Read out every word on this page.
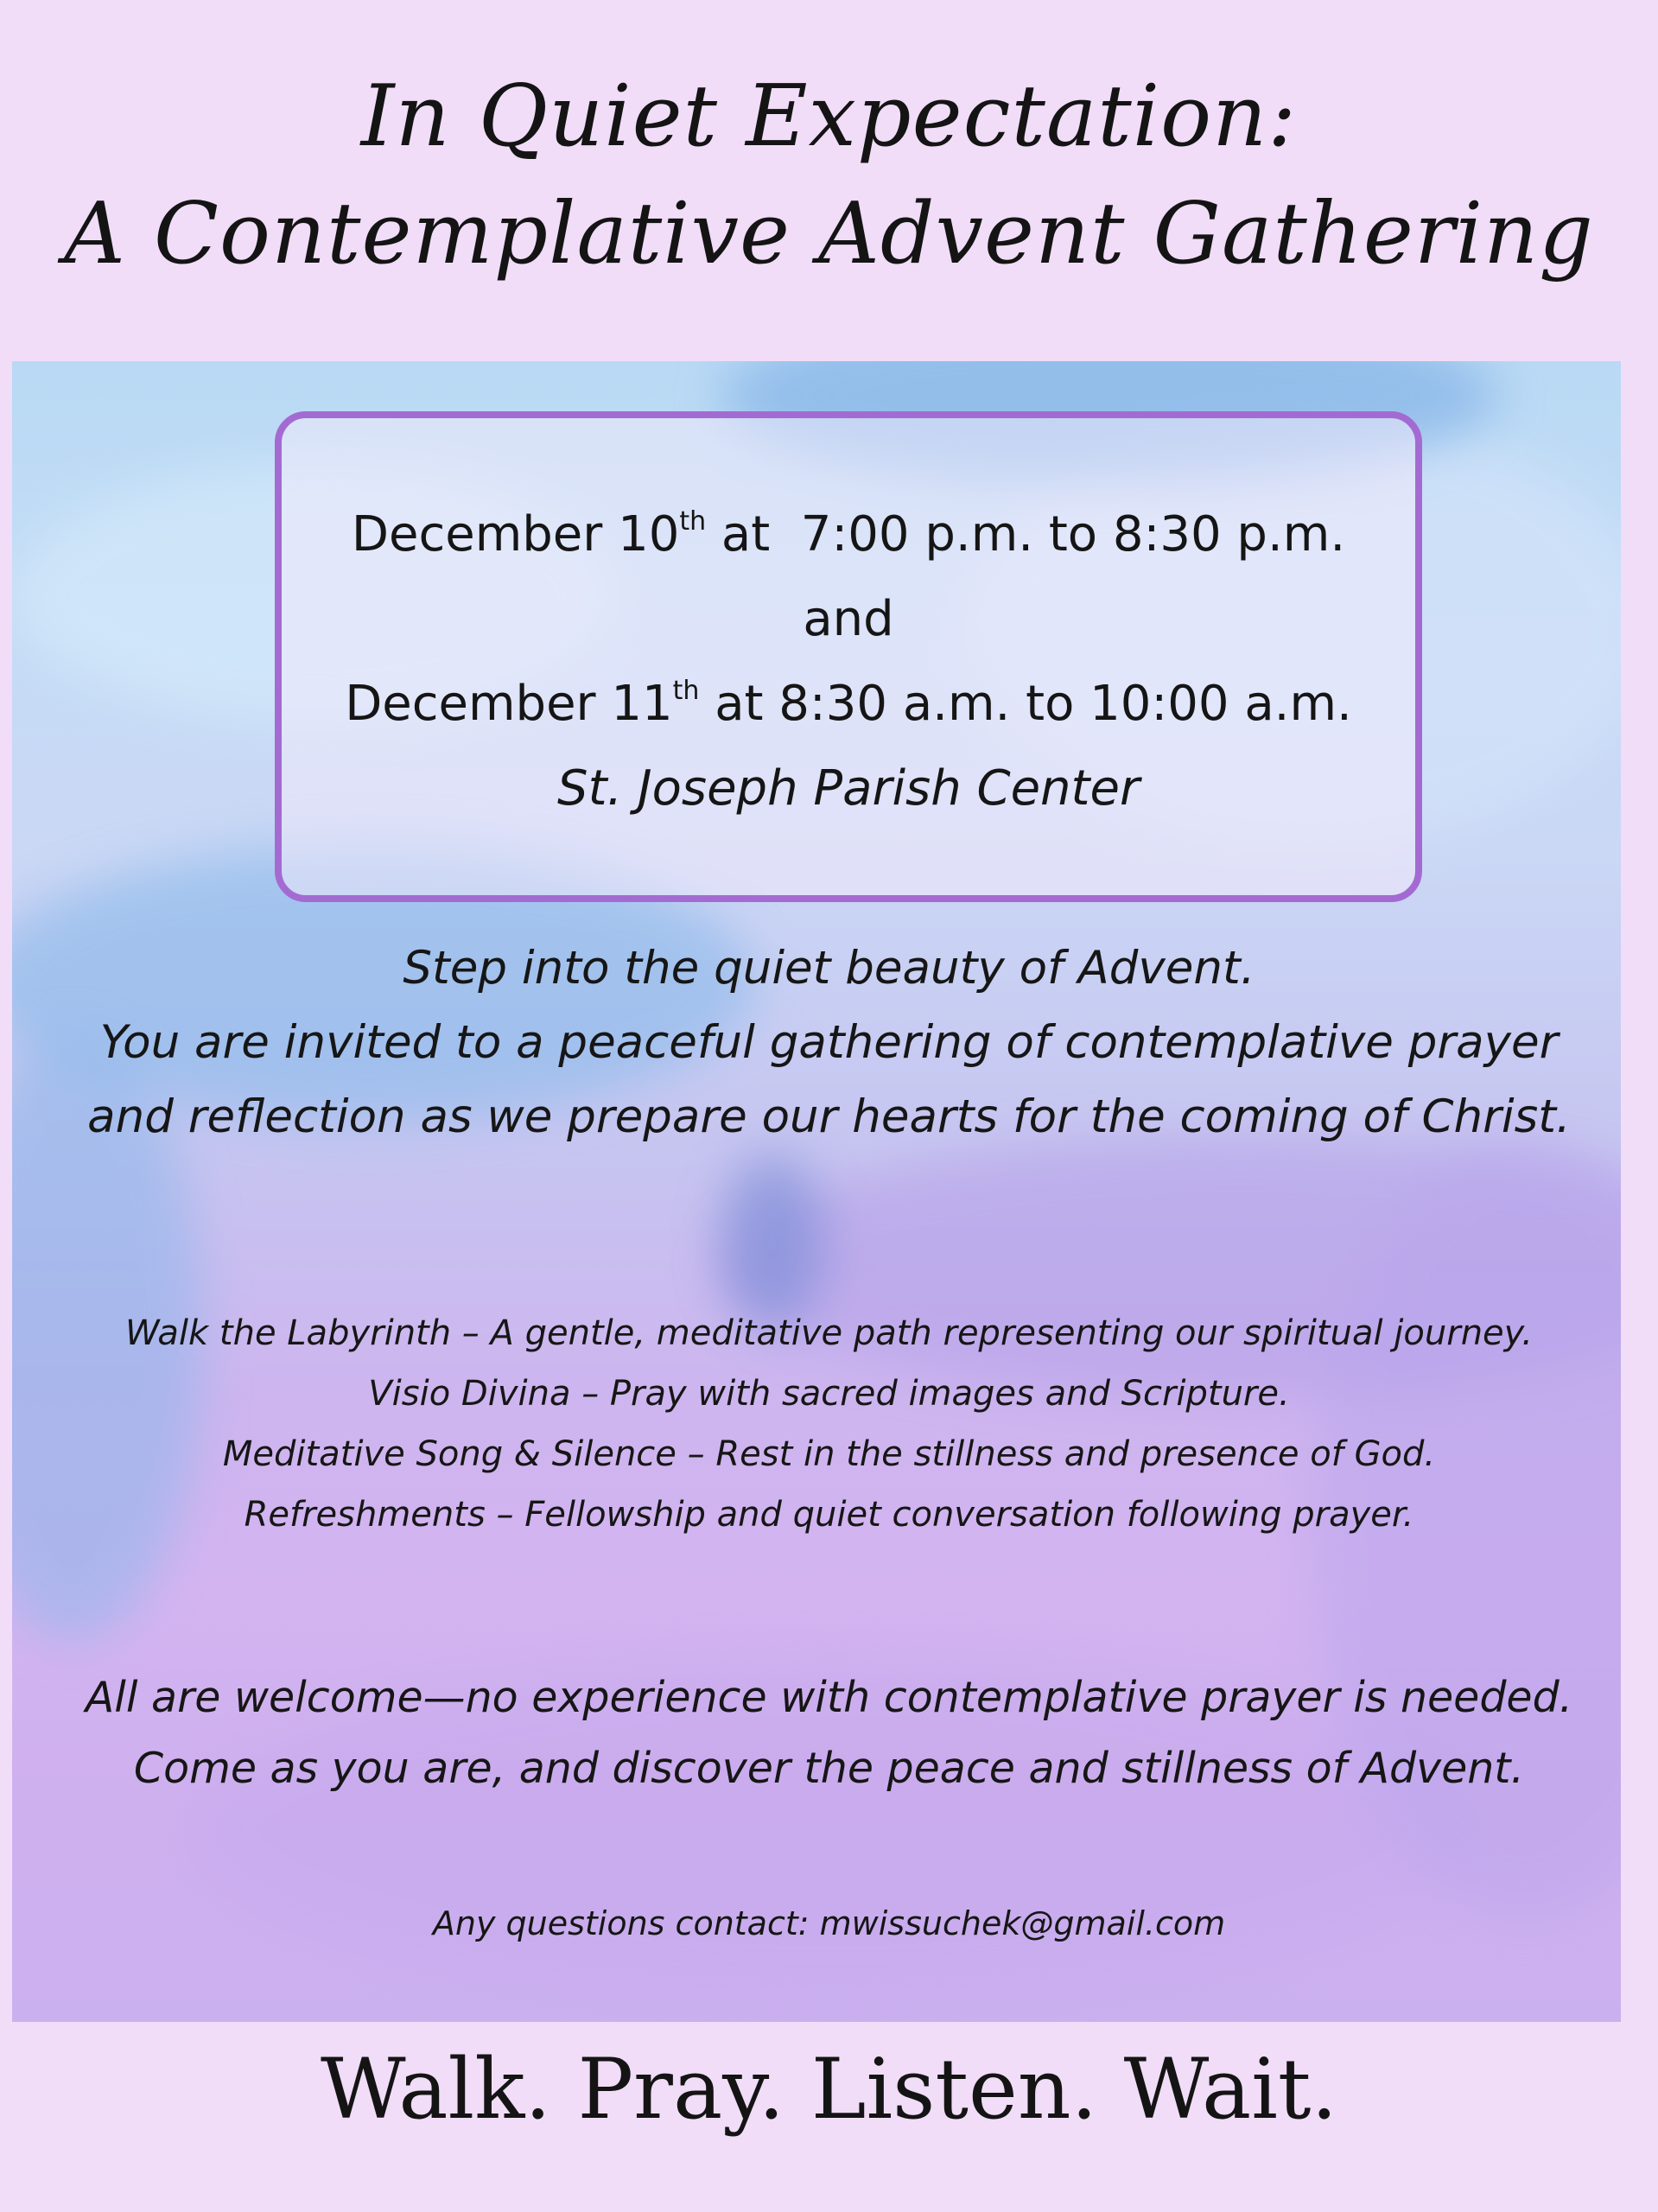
In Quiet Expectation:
A Contemplative Advent Gathering
December 10th at  7:00 p.m. to 8:30 p.m.
and
December 11th at 8:30 a.m. to 10:00 a.m.
St. Joseph Parish Center
Step into the quiet beauty of Advent.
You are invited to a peaceful gathering of contemplative prayer
and reflection as we prepare our hearts for the coming of Christ.
Walk the Labyrinth – A gentle, meditative path representing our spiritual journey.
Visio Divina – Pray with sacred images and Scripture.
Meditative Song & Silence – Rest in the stillness and presence of God.
Refreshments – Fellowship and quiet conversation following prayer.
All are welcome—no experience with contemplative prayer is needed.
Come as you are, and discover the peace and stillness of Advent.
Any questions contact: mwissuchek@gmail.com
Walk. Pray. Listen. Wait.
